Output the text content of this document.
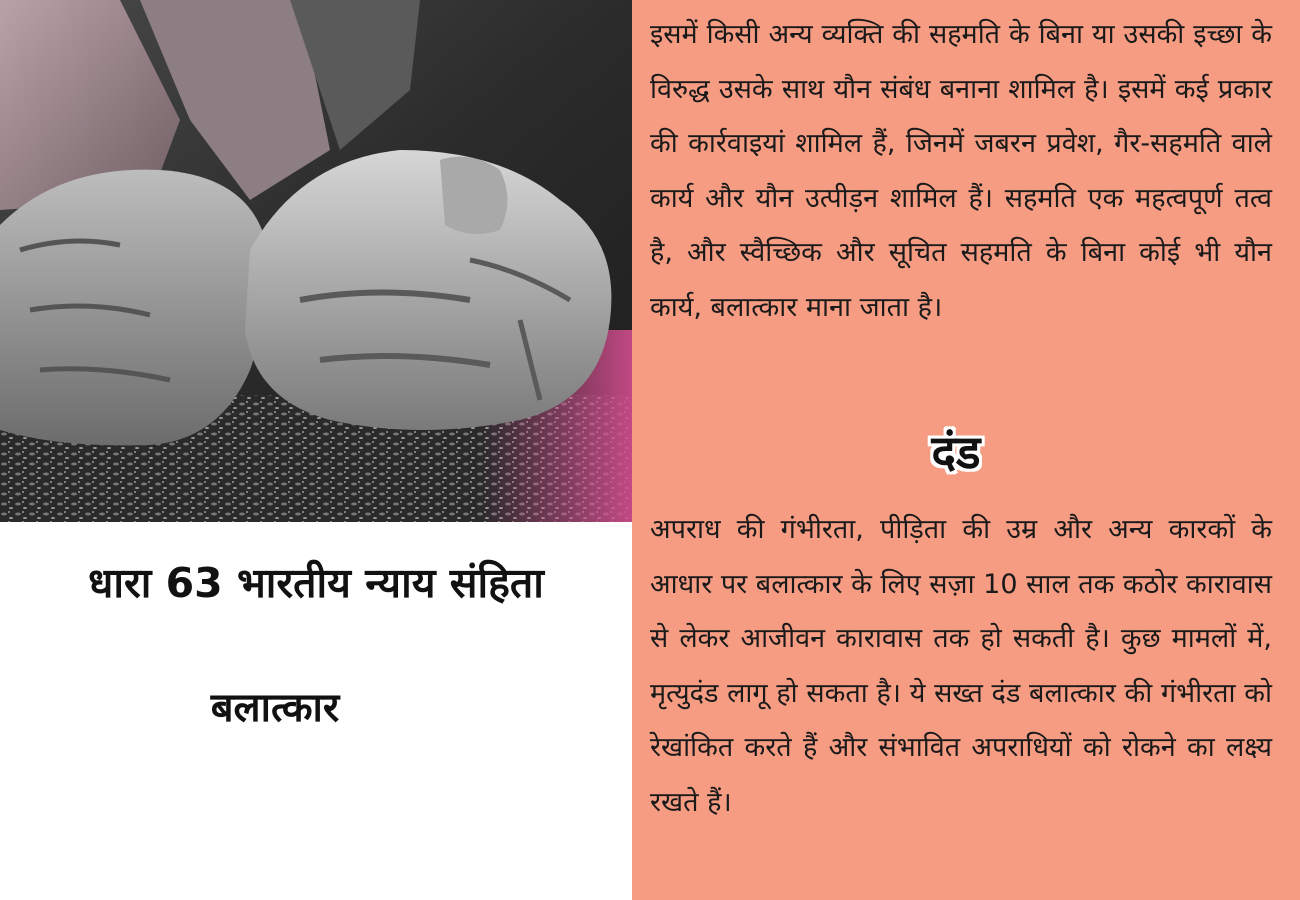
धारा 63 भारतीय न्याय संहिता
बलात्कार

इसमें किसी अन्य व्यक्ति की सहमति के बिना या उसकी इच्छा के विरुद्ध उसके साथ यौन संबंध बनाना शामिल है। इसमें कई प्रकार की कार्रवाइयां शामिल हैं, जिनमें जबरन प्रवेश, गैर-सहमति वाले कार्य और यौन उत्पीड़न शामिल हैं। सहमति एक महत्वपूर्ण तत्व है, और स्वैच्छिक और सूचित सहमति के बिना कोई भी यौन कार्य, बलात्कार माना जाता है।

दंड

अपराध की गंभीरता, पीड़िता की उम्र और अन्य कारकों के आधार पर बलात्कार के लिए सज़ा 10 साल तक कठोर कारावास से लेकर आजीवन कारावास तक हो सकती है। कुछ मामलों में, मृत्युदंड लागू हो सकता है। ये सख्त दंड बलात्कार की गंभीरता को रेखांकित करते हैं और संभावित अपराधियों को रोकने का लक्ष्य रखते हैं।
